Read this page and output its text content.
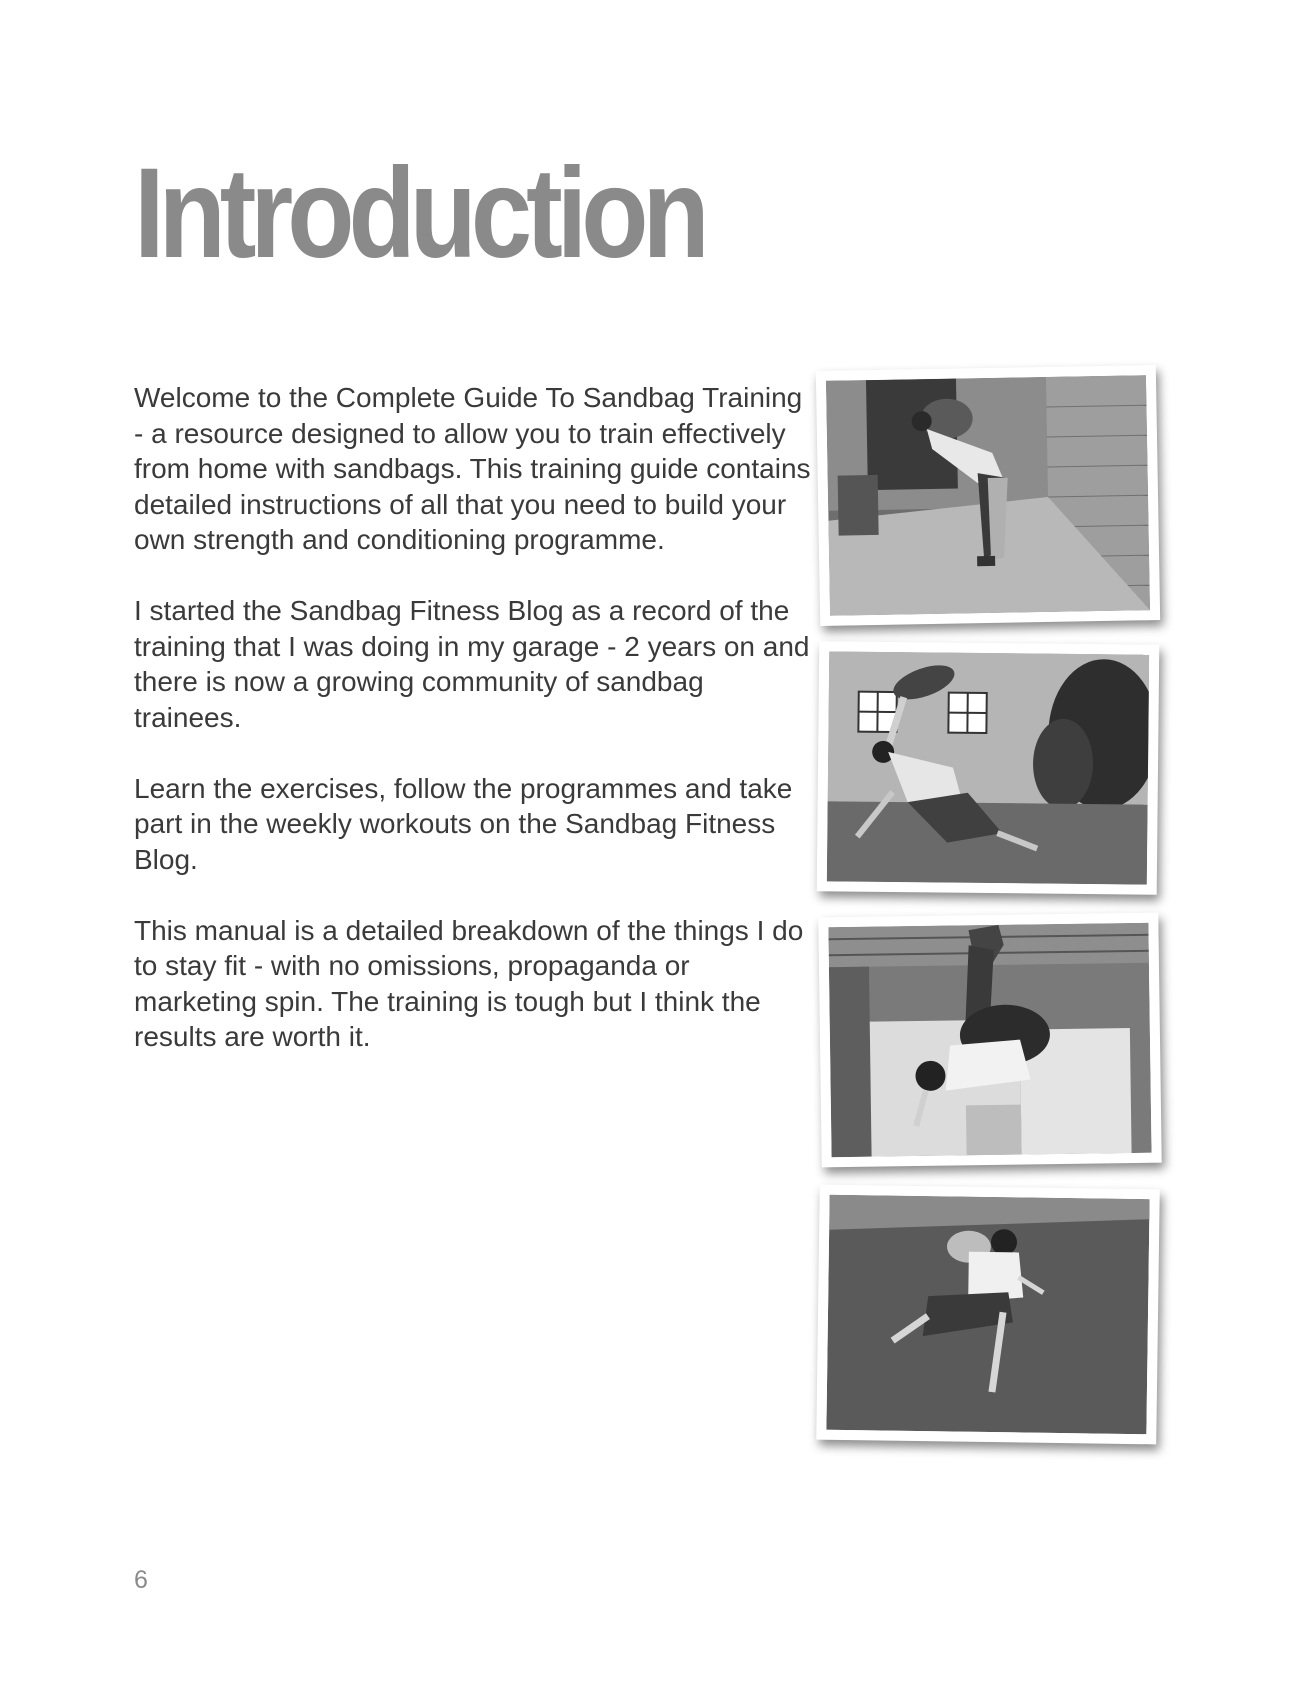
Introduction

Welcome to the Complete Guide To Sandbag Training - a resource designed to allow you to train effectively from home with sandbags. This training guide contains detailed instructions of all that you need to build your own strength and conditioning programme.

I started the Sandbag Fitness Blog as a record of the training that I was doing in my garage - 2 years on and there is now a growing community of sandbag trainees.

Learn the exercises, follow the programmes and take part in the weekly workouts on the Sandbag Fitness Blog.

This manual is a detailed breakdown of the things I do to stay fit - with no omissions, propaganda or marketing spin. The training is tough but I think the results are worth it.

6
